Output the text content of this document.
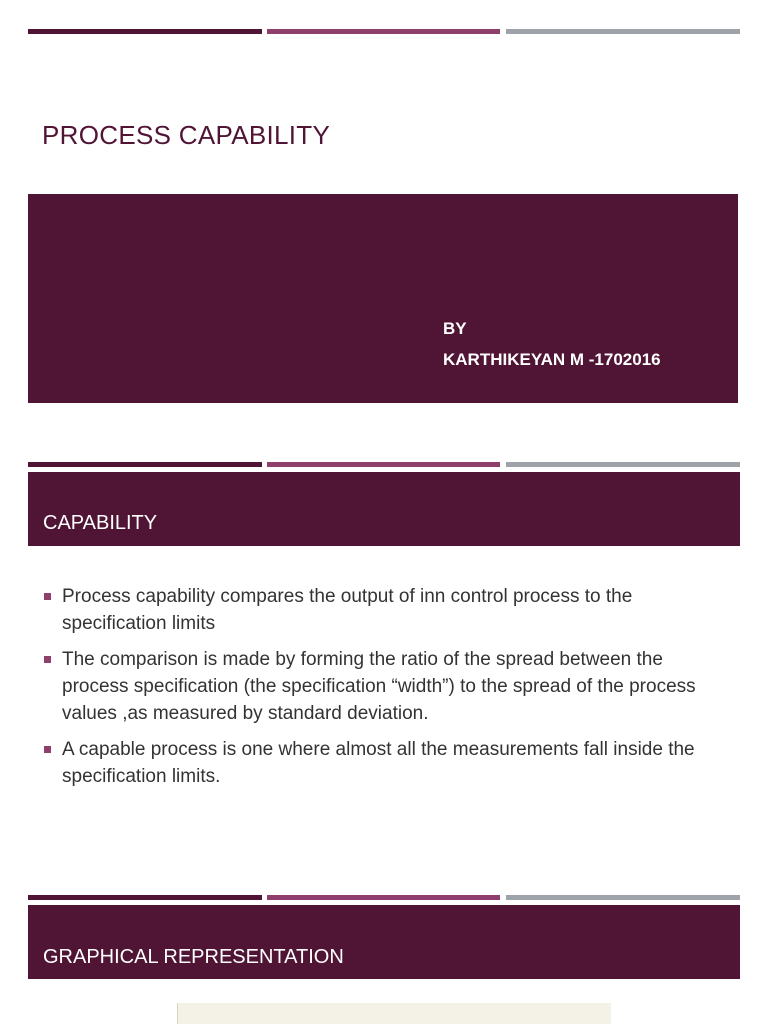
PROCESS CAPABILITY
BY
KARTHIKEYAN M -1702016
CAPABILITY
Process capability compares the output of inn control process to the specification limits
The comparison is made by forming the ratio of the spread between the process specification (the specification “width”) to the spread of the process values ,as measured by standard deviation.
A capable process is one where almost all the measurements fall inside the specification limits.
GRAPHICAL REPRESENTATION
